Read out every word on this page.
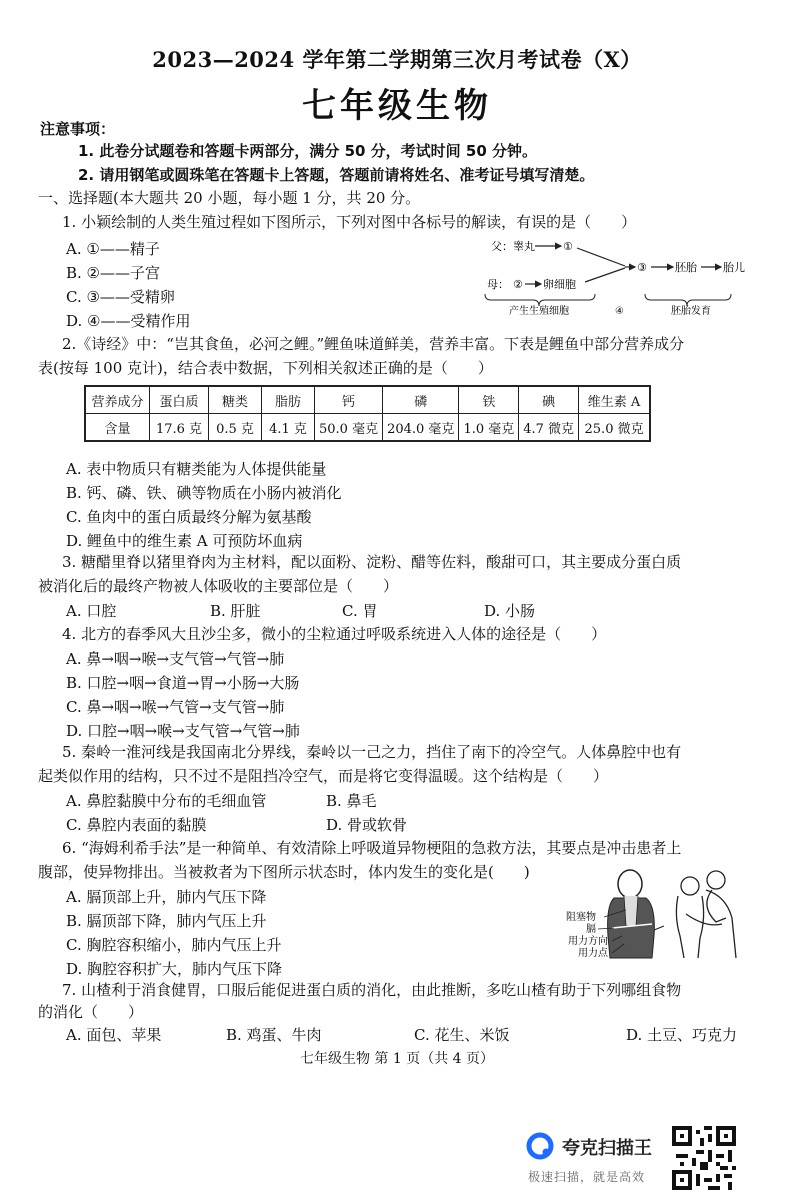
2023—2024 学年第二学期第三次月考试卷（X）
七年级生物
注意事项：
1. 此卷分试题卷和答题卡两部分，满分 50 分，考试时间 50 分钟。
2. 请用钢笔或圆珠笔在答题卡上答题，答题前请将姓名、准考证号填写清楚。
一、选择题(本大题共 20 小题，每小题 1 分，共 20 分。
1. 小颖绘制的人类生殖过程如下图所示，下列对图中各标号的解读，有误的是（　　）
A. ①——精子
B. ②——子宫
C. ③——受精卵
D. ④——受精作用
父：睾丸	①
母： ② 卵细胞
③	胚胎 胎儿
产生生殖细胞	④	胚胎发育
2.《诗经》中：“岂其食鱼，必河之鲤。”鲤鱼味道鲜美，营养丰富。下表是鲤鱼中部分营养成分
表(按每 100 克计)，结合表中数据，下列相关叙述正确的是（　　）
营养成分	蛋白质	糖类	脂肪	钙	磷	铁	碘	维生素 A
含量	17.6 克	0.5 克	4.1 克	50.0 毫克	204.0 毫克	1.0 毫克	4.7 微克	25.0 微克
A. 表中物质只有糖类能为人体提供能量
B. 钙、磷、铁、碘等物质在小肠内被消化
C. 鱼肉中的蛋白质最终分解为氨基酸
D. 鲤鱼中的维生素 A 可预防坏血病
3. 糖醋里脊以猪里脊肉为主材料，配以面粉、淀粉、醋等佐料，酸甜可口，其主要成分蛋白质
被消化后的最终产物被人体吸收的主要部位是（　　）
A. 口腔	B. 肝脏	C. 胃	D. 小肠
4. 北方的春季风大且沙尘多，微小的尘粒通过呼吸系统进入人体的途径是（　　）
A. 鼻→咽→喉→支气管→气管→肺
B. 口腔→咽→食道→胃→小肠→大肠
C. 鼻→咽→喉→气管→支气管→肺
D. 口腔→咽→喉→支气管→气管→肺
5. 秦岭一淮河线是我国南北分界线，秦岭以一己之力，挡住了南下的冷空气。人体鼻腔中也有
起类似作用的结构，只不过不是阻挡冷空气，而是将它变得温暖。这个结构是（　　）
A. 鼻腔黏膜中分布的毛细血管	B. 鼻毛
C. 鼻腔内表面的黏膜	D. 骨或软骨
6. “海姆利希手法”是一种简单、有效清除上呼吸道异物梗阻的急救方法，其要点是冲击患者上
腹部，使异物排出。当被救者为下图所示状态时，体内发生的变化是(　　)
A. 膈顶部上升，肺内气压下降
B. 膈顶部下降，肺内气压上升
C. 胸腔容积缩小，肺内气压上升
D. 胸腔容积扩大，肺内气压下降
阻塞物
膈
用力方向
用力点
7. 山楂利于消食健胃，口服后能促进蛋白质的消化，由此推断，多吃山楂有助于下列哪组食物
的消化（　　）
A. 面包、苹果	B. 鸡蛋、牛肉	C. 花生、米饭	D. 土豆、巧克力
七年级生物 第 1 页（共 4 页）
夸克扫描王
极速扫描，就是高效
